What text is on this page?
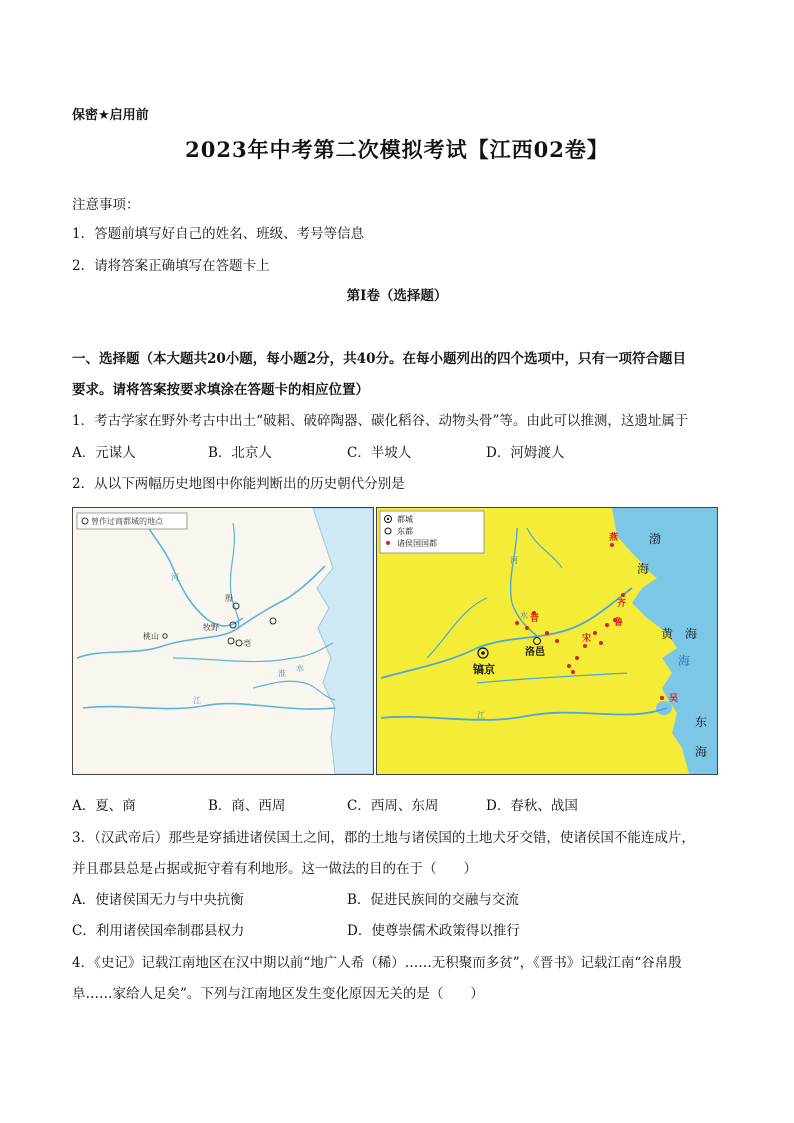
保密★启用前
2023年中考第二次模拟考试【江西02卷】
注意事项：
1．答题前填写好自己的姓名、班级、考号等信息
2．请将答案正确填写在答题卡上
第I卷（选择题）
一、选择题（本大题共20小题，每小题2分，共40分。在每小题列出的四个选项中，只有一项符合题目
要求。请将答案按要求填涂在答题卡的相应位置）
1．考古学家在野外考古中出土“破耜、破碎陶器、碳化稻谷、动物头骨”等。由此可以推测，这遗址属于
A．元谋人	B．北京人	C．半坡人	D．河姆渡人
2．从以下两幅历史地图中你能判断出的历史朝代分别是
曾作过商都城的地点
殷
牧野
亳
河
江
淮
水
桃山
都城
东都
诸侯国国都
镐京
洛邑
燕
齐
鲁
晋
宋
吴
渤
海
黄 海
海
东
海
河
水
江
A．夏、商	B．商、西周	C．西周、东周	D．春秋、战国
3．（汉武帝后）那些是穿插进诸侯国土之间，郡的土地与诸侯国的土地犬牙交错，使诸侯国不能连成片，
并且郡县总是占据或扼守着有利地形。这一做法的目的在于（　　）
A．使诸侯国无力与中央抗衡	B．促进民族间的交融与交流
C．利用诸侯国牵制郡县权力	D．使尊崇儒术政策得以推行
4．《史记》记载江南地区在汉中期以前“地广人希（稀）……无积聚而多贫”，《晋书》记载江南“谷帛殷
阜……家给人足矣”。下列与江南地区发生变化原因无关的是（　　）
